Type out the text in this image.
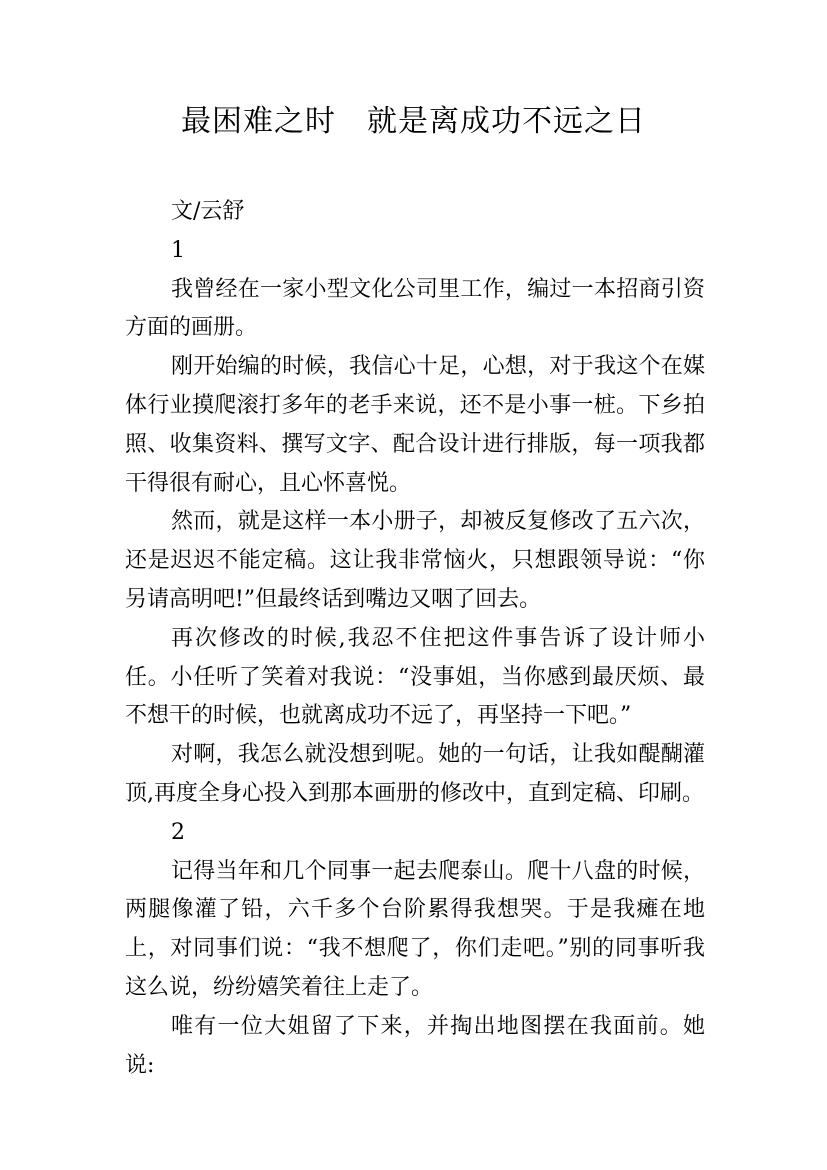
最困难之时　就是离成功不远之日

文/云舒

1

我曾经在一家小型文化公司里工作，编过一本招商引资方面的画册。

刚开始编的时候，我信心十足，心想，对于我这个在媒体行业摸爬滚打多年的老手来说，还不是小事一桩。下乡拍照、收集资料、撰写文字、配合设计进行排版，每一项我都干得很有耐心，且心怀喜悦。

然而，就是这样一本小册子，却被反复修改了五六次，还是迟迟不能定稿。这让我非常恼火，只想跟领导说：“你另请高明吧!”但最终话到嘴边又咽了回去。

再次修改的时候,我忍不住把这件事告诉了设计师小任。小任听了笑着对我说：“没事姐，当你感到最厌烦、最不想干的时候，也就离成功不远了，再坚持一下吧。”

对啊，我怎么就没想到呢。她的一句话，让我如醍醐灌顶,再度全身心投入到那本画册的修改中，直到定稿、印刷。

2

记得当年和几个同事一起去爬泰山。爬十八盘的时候，两腿像灌了铅，六千多个台阶累得我想哭。于是我瘫在地上，对同事们说：“我不想爬了，你们走吧。”别的同事听我这么说，纷纷嬉笑着往上走了。

唯有一位大姐留了下来，并掏出地图摆在我面前。她说:
